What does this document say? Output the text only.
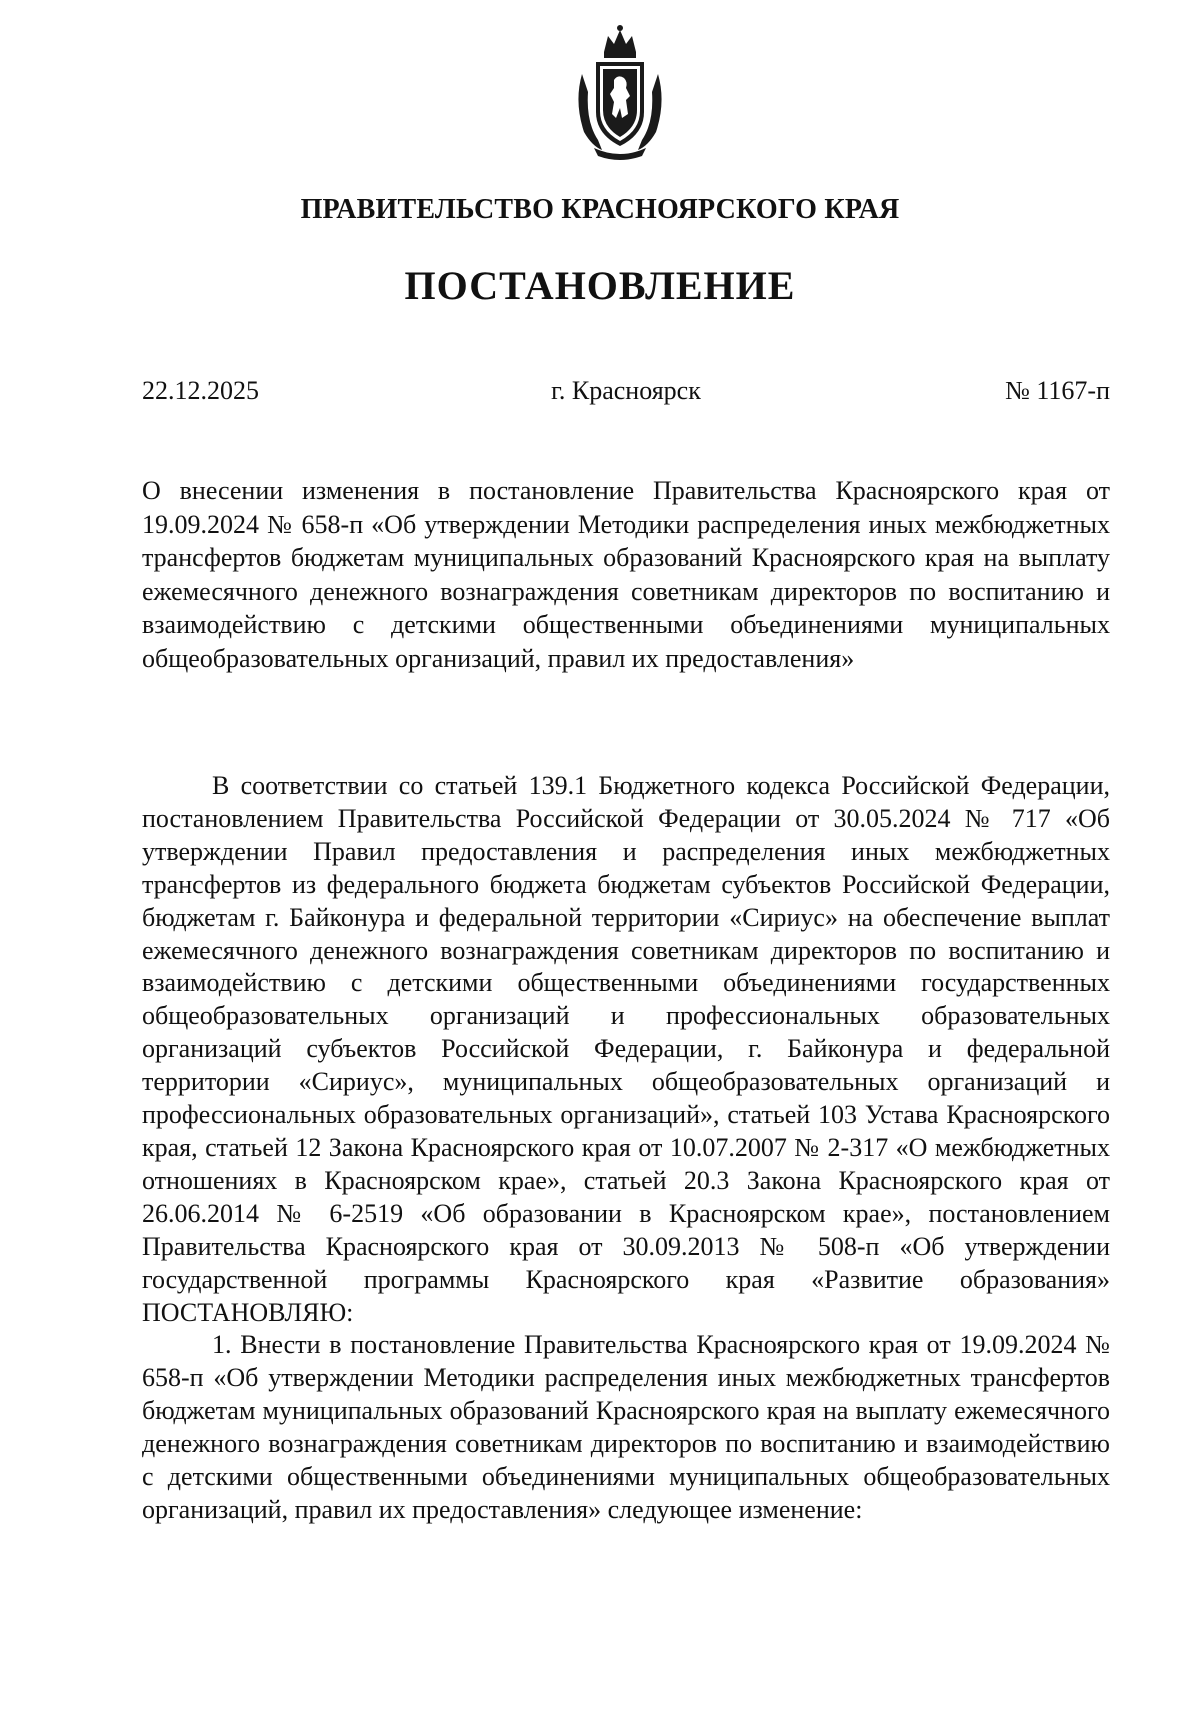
ПРАВИТЕЛЬСТВО КРАСНОЯРСКОГО КРАЯ
ПОСТАНОВЛЕНИЕ
22.12.2025	г. Красноярск	№ 1167-п

О внесении изменения в постановление Правительства Красноярского края от 19.09.2024 № 658-п «Об утверждении Методики распределения иных межбюджетных трансфертов бюджетам муниципальных образований Красноярского края на выплату ежемесячного денежного вознаграждения советникам директоров по воспитанию и взаимодействию с детскими общественными объединениями муниципальных общеобразовательных организаций, правил их предоставления»

В соответствии со статьей 139.1 Бюджетного кодекса Российской Федерации, постановлением Правительства Российской Федерации от 30.05.2024 № 717 «Об утверждении Правил предоставления и распределения иных межбюджетных трансфертов из федерального бюджета бюджетам субъектов Российской Федерации, бюджетам г. Байконура и федеральной территории «Сириус» на обеспечение выплат ежемесячного денежного вознаграждения советникам директоров по воспитанию и взаимодействию с детскими общественными объединениями государственных общеобразовательных организаций и профессиональных образовательных организаций субъектов Российской Федерации, г. Байконура и федеральной территории «Сириус», муниципальных общеобразовательных организаций и профессиональных образовательных организаций», статьей 103 Устава Красноярского края, статьей 12 Закона Красноярского края от 10.07.2007 № 2-317 «О межбюджетных отношениях в Красноярском крае», статьей 20.3 Закона Красноярского края от 26.06.2014 № 6-2519 «Об образовании в Красноярском крае», постановлением Правительства Красноярского края от 30.09.2013 № 508-п «Об утверждении государственной программы Красноярского края «Развитие образования» ПОСТАНОВЛЯЮ:

1. Внести в постановление Правительства Красноярского края от 19.09.2024 № 658-п «Об утверждении Методики распределения иных межбюджетных трансфертов бюджетам муниципальных образований Красноярского края на выплату ежемесячного денежного вознаграждения советникам директоров по воспитанию и взаимодействию с детскими общественными объединениями муниципальных общеобразовательных организаций, правил их предоставления» следующее изменение:
